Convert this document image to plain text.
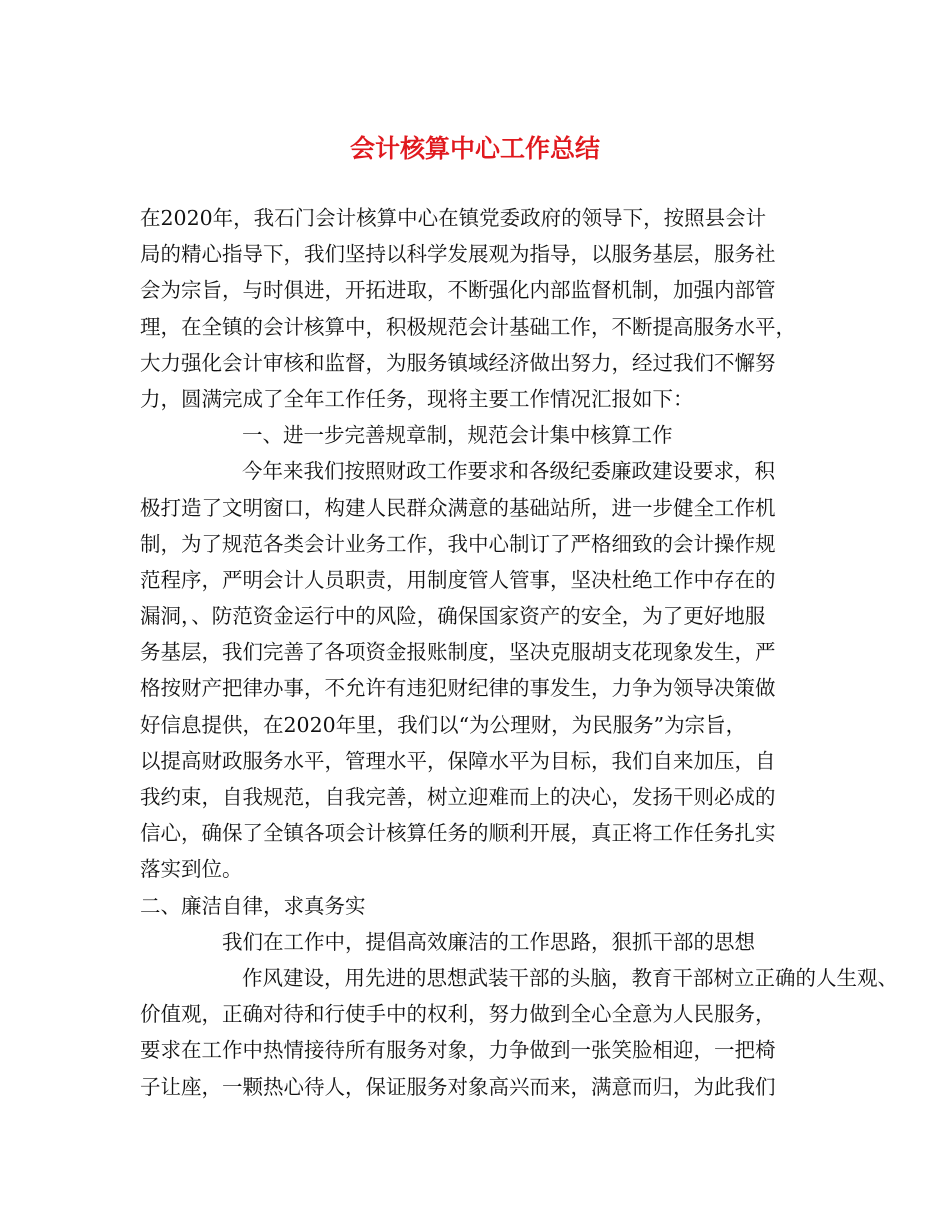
会计核算中心工作总结
在2020年，我石门会计核算中心在镇党委政府的领导下，按照县会计
局的精心指导下，我们坚持以科学发展观为指导，以服务基层，服务社
会为宗旨，与时俱进，开拓进取，不断强化内部监督机制，加强内部管
理，在全镇的会计核算中，积极规范会计基础工作，不断提高服务水平，
大力强化会计审核和监督，为服务镇域经济做出努力，经过我们不懈努
力，圆满完成了全年工作任务，现将主要工作情况汇报如下：
一、进一步完善规章制，规范会计集中核算工作
今年来我们按照财政工作要求和各级纪委廉政建设要求，积
极打造了文明窗口，构建人民群众满意的基础站所，进一步健全工作机
制，为了规范各类会计业务工作，我中心制订了严格细致的会计操作规
范程序，严明会计人员职责，用制度管人管事，坚决杜绝工作中存在的
漏洞，、防范资金运行中的风险，确保国家资产的安全，为了更好地服
务基层，我们完善了各项资金报账制度，坚决克服胡支花现象发生，严
格按财产把律办事，不允许有违犯财纪律的事发生，力争为领导决策做
好信息提供，在2020年里，我们以“为公理财，为民服务”为宗旨，
以提高财政服务水平，管理水平，保障水平为目标，我们自来加压，自
我约束，自我规范，自我完善，树立迎难而上的决心，发扬干则必成的
信心，确保了全镇各项会计核算任务的顺利开展，真正将工作任务扎实
落实到位。
二、廉洁自律，求真务实
我们在工作中，提倡高效廉洁的工作思路，狠抓干部的思想
作风建设，用先进的思想武装干部的头脑，教育干部树立正确的人生观、
价值观，正确对待和行使手中的权利，努力做到全心全意为人民服务，
要求在工作中热情接待所有服务对象，力争做到一张笑脸相迎，一把椅
子让座，一颗热心待人，保证服务对象高兴而来，满意而归，为此我们
